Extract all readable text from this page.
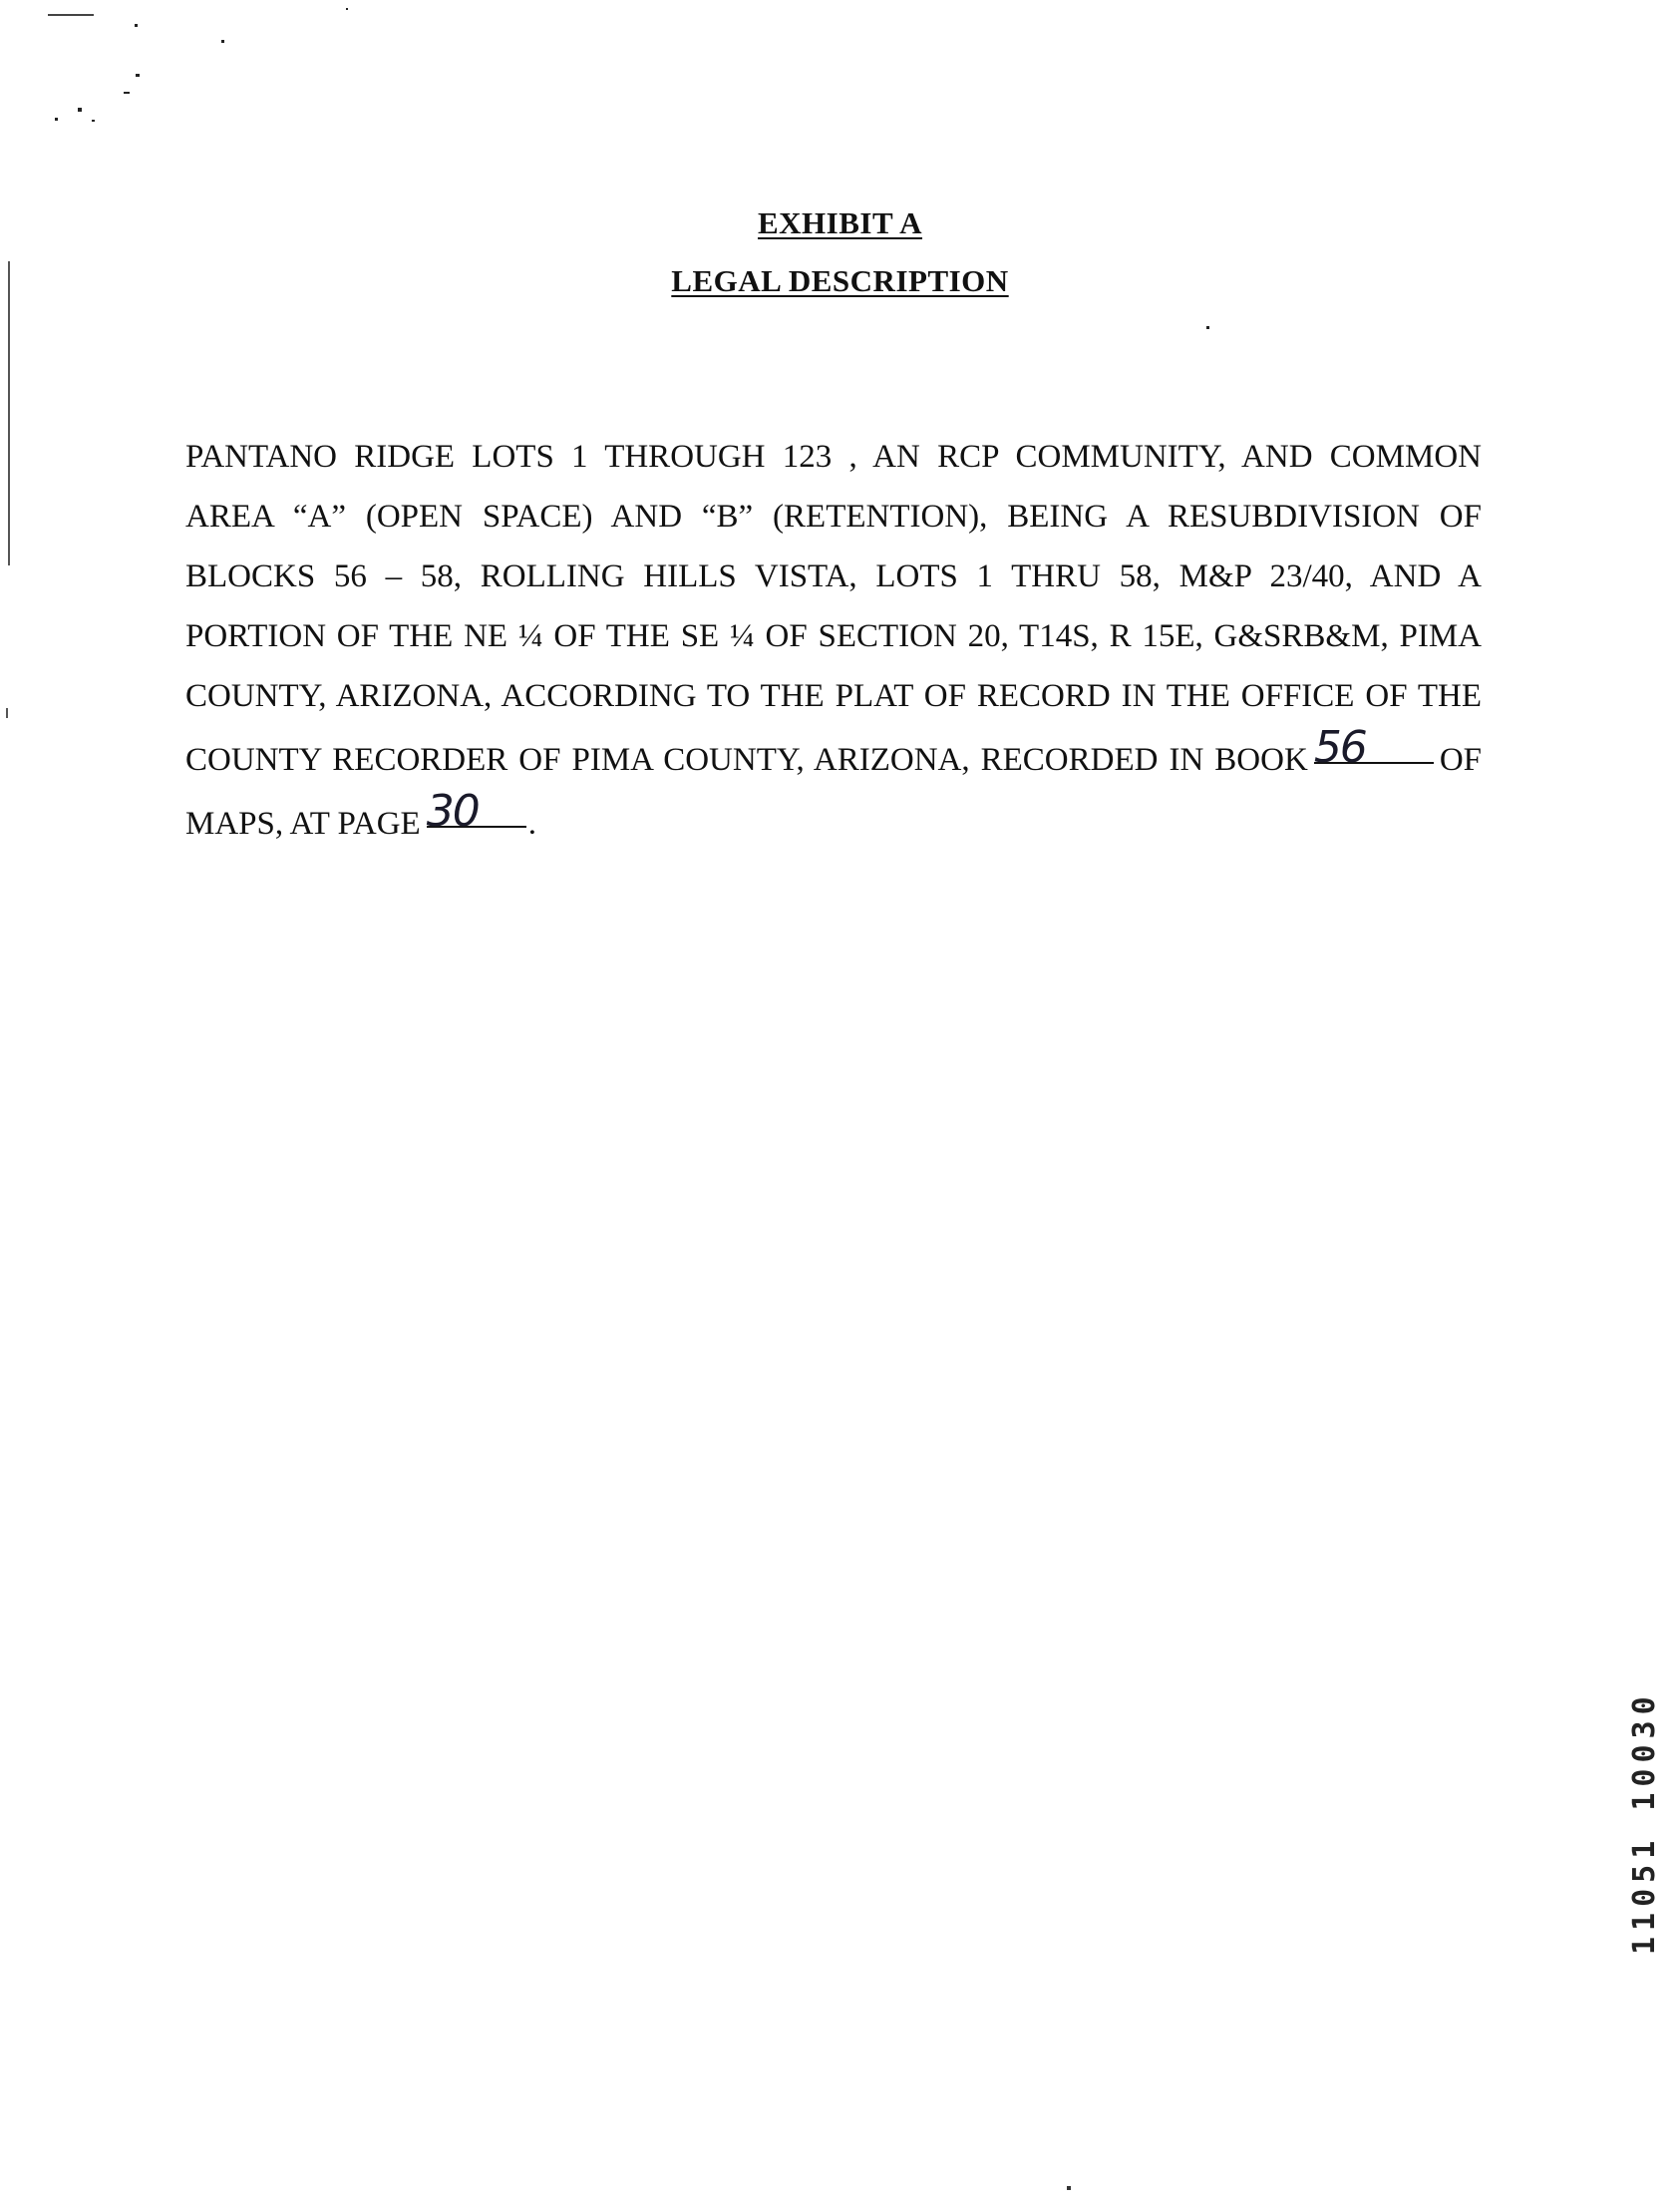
EXHIBIT A
LEGAL DESCRIPTION
PANTANO RIDGE LOTS 1 THROUGH 123 , AN RCP COMMUNITY, AND COMMON
AREA “A” (OPEN SPACE) AND “B” (RETENTION), BEING A RESUBDIVISION OF
BLOCKS 56 – 58, ROLLING HILLS VISTA, LOTS 1 THRU 58, M&P 23/40, AND A
PORTION OF THE NE ¼ OF THE SE ¼ OF SECTION 20, T14S, R 15E, G&SRB&M, PIMA
COUNTY, ARIZONA, ACCORDING TO THE PLAT OF RECORD IN THE OFFICE OF THE
COUNTY RECORDER OF PIMA COUNTY, ARIZONA, RECORDED IN BOOK 56 OF
MAPS, AT PAGE 30 .
11051 10030
